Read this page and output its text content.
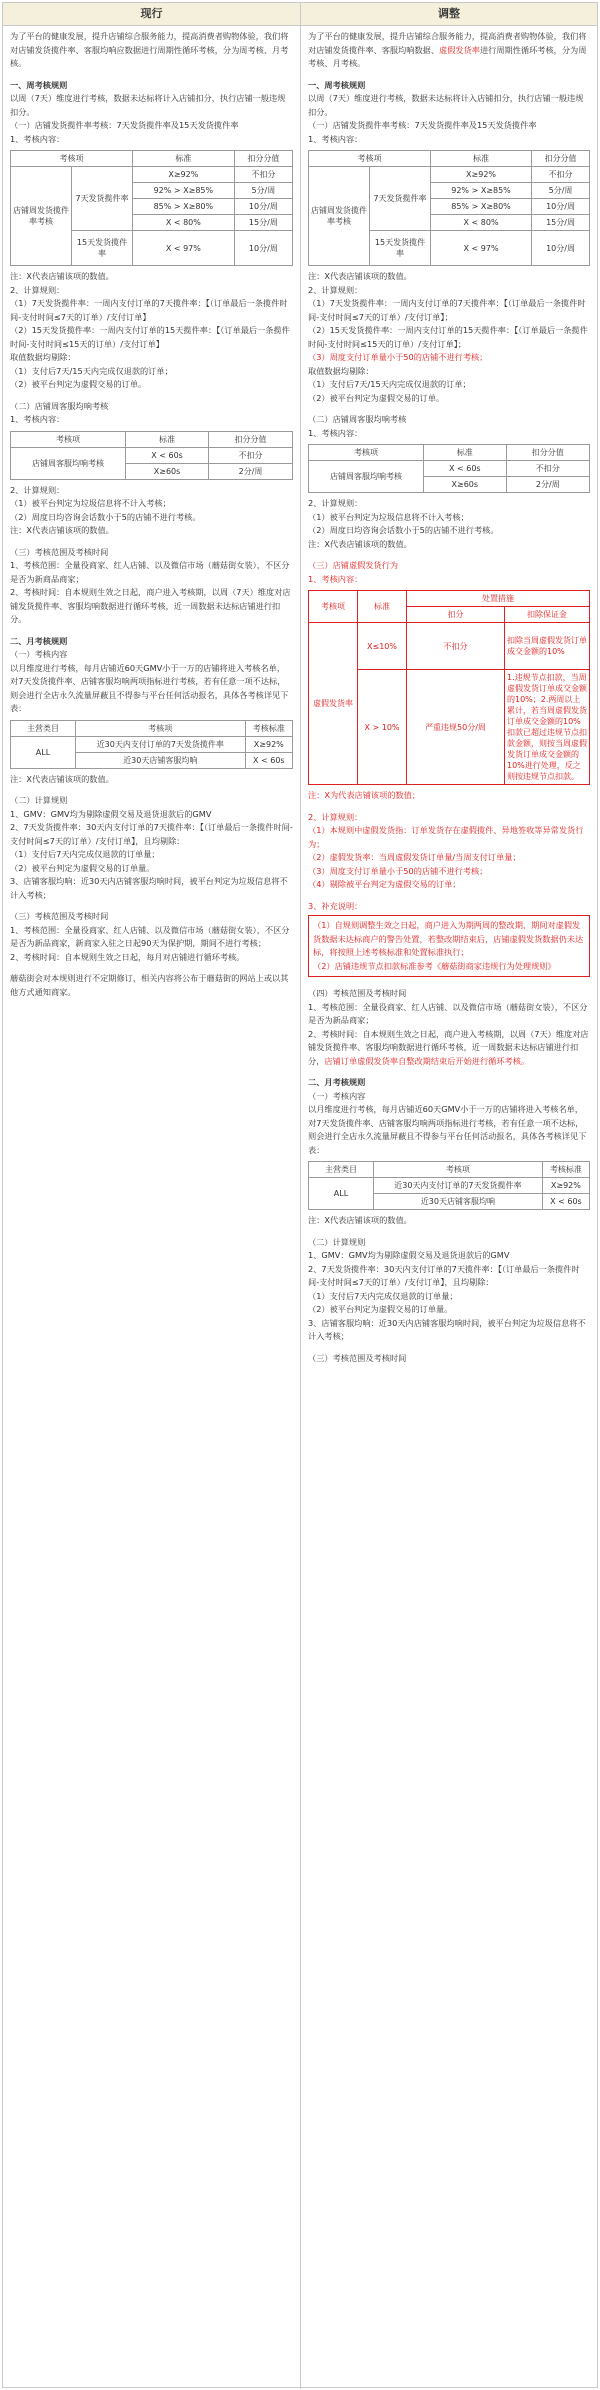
现行	调整

为了平台的健康发展，提升店铺综合服务能力，提高消费者购物体验，我们将对店铺发货揽件率、客服均响应数据进行周期性循环考核，分为周考核、月考核。

一、周考核规则

以周（7天）维度进行考核，数据未达标将计入店铺扣分，执行店铺一般违规扣分。

（一）店铺发货揽件率考核：7天发货揽件率及15天发货揽件率

1、考核内容：

考核项		标准	扣分分值
店铺周发货揽件率考核	7天发货揽件率	X≥92%	不扣分
		92% > X≥85%	5分/周
		85% > X≥80%	10分/周
		X < 80%	15分/周
	15天发货揽件率	X < 97%	10分/周

注：X代表店铺该项的数值。

2、计算规则：

（1）7天发货揽件率：一周内支付订单的7天揽件率：【（订单最后一条揽件时间-支付时间≤7天的订单）/支付订单】

（2）15天发货揽件率：一周内支付订单的15天揽件率：【（订单最后一条揽件时间-支付时间≤15天的订单）/支付订单】

取值数据均剔除：

（1）支付后7天/15天内完成仅退款的订单；

（2）被平台判定为虚假交易的订单。

（二）店铺周客服均响考核

1、考核内容：

考核项	标准	扣分分值
店铺周客服均响考核	X < 60s	不扣分
	X≥60s	2分/周

2、计算规则：

（1）被平台判定为垃圾信息将不计入考核；

（2）周度日均咨询会话数小于5的店铺不进行考核。

注：X代表店铺该项的数值。

（三）考核范围及考核时间

1、考核范围：全量役商家、红人店铺、以及微信市场（蘑菇街女装），不区分是否为新商品商家；

2、考核时间：自本规则生效之日起，商户进入考核期，以周（7天）维度对店铺发货揽件率、客服均响数据进行循环考核，近一周数据未达标店铺进行扣分。

二、月考核规则

（一）考核内容

以月维度进行考核，每月店铺近60天GMV小于一万的店铺将进入考核名单，对7天发货揽件率、店铺客服均响两项指标进行考核，若有任意一项不达标，则会进行全店永久流量屏蔽且不得参与平台任何活动报名，具体各考核详见下表：

主营类目	考核项	考核标准
ALL	近30天内支付订单的7天发货揽件率	X≥92%
	近30天店铺客服均响	X < 60s

注：X代表店铺该项的数值。

（二）计算规则

1、GMV：GMV均为剔除虚假交易及退货退款后的GMV

2、7天发货揽件率：30天内支付订单的7天揽件率：【（订单最后一条揽件时间-支付时间≤7天的订单）/支付订单】，且均剔除：

（1）支付后7天内完成仅退款的订单量；

（2）被平台判定为虚假交易的订单量。

3、店铺客服均响：近30天内店铺客服均响时间，被平台判定为垃圾信息将不计入考核；

（三）考核范围及考核时间

1、考核范围：全量役商家、红人店铺、以及微信市场（蘑菇街女装），不区分是否为新品商家，新商家入驻之日起90天为保护期，期间不进行考核；

2、考核时间：自本规则生效之日起，每月对店铺进行循环考核。

蘑菇街会对本规则进行不定期修订，相关内容将公布于蘑菇街的网站上或以其他方式通知商家。

为了平台的健康发展，提升店铺综合服务能力，提高消费者购物体验，我们将对店铺发货揽件率、客服均响数据、虚假发货率进行周期性循环考核，分为周考核、月考核。

一、周考核规则

以周（7天）维度进行考核，数据未达标将计入店铺扣分，执行店铺一般违规扣分。

（一）店铺发货揽件率考核：7天发货揽件率及15天发货揽件率

1、考核内容：

考核项		标准	扣分分值
店铺周发货揽件率考核	7天发货揽件率	X≥92%	不扣分
		92% > X≥85%	5分/周
		85% > X≥80%	10分/周
		X < 80%	15分/周
	15天发货揽件率	X < 97%	10分/周

注：X代表店铺该项的数值。

2、计算规则：

（1）7天发货揽件率：一周内支付订单的7天揽件率：【（订单最后一条揽件时间-支付时间≤7天的订单）/支付订单】；

（2）15天发货揽件率：一周内支付订单的15天揽件率：【（订单最后一条揽件时间-支付时间≤15天的订单）/支付订单】；

（3）周度支付订单量小于50的店铺不进行考核；

取值数据均剔除：

（1）支付后7天/15天内完成仅退款的订单；

（2）被平台判定为虚假交易的订单。

（二）店铺周客服均响考核

1、考核内容：

考核项	标准	扣分分值
店铺周客服均响考核	X < 60s	不扣分
	X≥60s	2分/周

2、计算规则：

（1）被平台判定为垃圾信息将不计入考核；

（2）周度日均咨询会话数小于5的店铺不进行考核。

注：X代表店铺该项的数值。

（三）店铺虚假发货行为

1、考核内容：

考核项	标准	处置措施	
		扣分	扣除保证金
虚假发货率	X≤10%	不扣分	扣除当周虚假发货订单成交金额的10%
	X > 10%	严重违规50分/周	1.违规节点扣款，当周虚假发货订单成交金额的10%；2.两周以上累计，若当周虚假发货订单成交金额的10%扣款已超过违规节点扣款金额，则按当周虚假发货订单成交金额的10%进行处理，反之则按违规节点扣款。

注：X为代表店铺该项的数值；

2、计算规则：

（1）本规则中虚假发货指：订单发货存在虚假揽件、异地签收等异常发货行为；

（2）虚假发货率：当周虚假发货订单量/当周支付订单量；

（3）周度支付订单量小于50的店铺不进行考核；

（4）剔除被平台判定为虚假交易的订单；

3、补充说明：

（1）自规则调整生效之日起，商户进入为期两周的整改期，期间对虚假发货数据未达标商户的警告处置，若整改期结束后，店铺虚假发货数据仍未达标，将按照上述考核标准和处置标准执行；

（2）店铺违规节点扣款标准参考《蘑菇街商家违规行为处理规则》

（四）考核范围及考核时间

1、考核范围：全量役商家、红人店铺、以及微信市场（蘑菇街女装），不区分是否为新品商家；

2、考核时间：自本规则生效之日起，商户进入考核期，以周（7天）维度对店铺发货揽件率、客服均响数据进行循环考核，近一周数据未达标店铺进行扣分，店铺订单虚假发货率自整改期结束后开始进行循环考核。

二、月考核规则

（一）考核内容

以月维度进行考核，每月店铺近60天GMV小于一万的店铺将进入考核名单，对7天发货揽件率、店铺客服均响两项指标进行考核，若有任意一项不达标，则会进行全店永久流量屏蔽且不得参与平台任何活动报名，具体各考核详见下表：

主营类目	考核项	考核标准
ALL	近30天内支付订单的7天发货揽件率	X≥92%
	近30天店铺客服均响	X < 60s

注：X代表店铺该项的数值。

（二）计算规则

1、GMV：GMV均为剔除虚假交易及退货退款后的GMV

2、7天发货揽件率：30天内支付订单的7天揽件率：【（订单最后一条揽件时间-支付时间≤7天的订单）/支付订单】，且均剔除：

（1）支付后7天内完成仅退款的订单量；

（2）被平台判定为虚假交易的订单量。

3、店铺客服均响：近30天内店铺客服均响时间，被平台判定为垃圾信息将不计入考核；

（三）考核范围及考核时间
